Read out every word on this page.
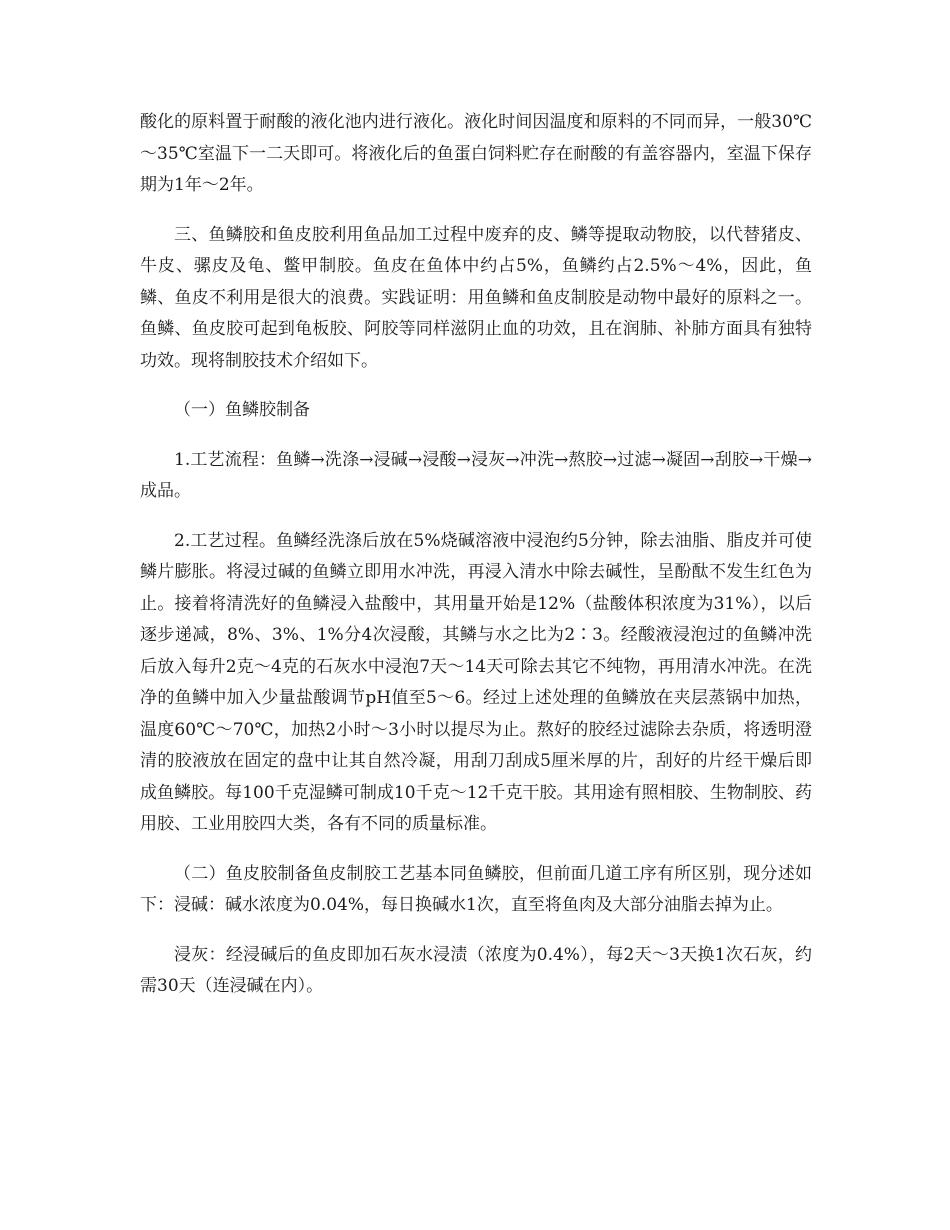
酸化的原料置于耐酸的液化池内进行液化。液化时间因温度和原料的不同而异，一般30℃～35℃室温下一二天即可。将液化后的鱼蛋白饲料贮存在耐酸的有盖容器内，室温下保存期为1年～2年。

三、鱼鳞胶和鱼皮胶利用鱼品加工过程中废弃的皮、鳞等提取动物胶，以代替猪皮、牛皮、骡皮及龟、鳖甲制胶。鱼皮在鱼体中约占5%，鱼鳞约占2.5%～4%，因此，鱼鳞、鱼皮不利用是很大的浪费。实践证明：用鱼鳞和鱼皮制胶是动物中最好的原料之一。鱼鳞、鱼皮胶可起到龟板胶、阿胶等同样滋阴止血的功效，且在润肺、补肺方面具有独特功效。现将制胶技术介绍如下。

（一）鱼鳞胶制备

1.工艺流程：鱼鳞→洗涤→浸碱→浸酸→浸灰→冲洗→熬胶→过滤→凝固→刮胶→干燥→成品。

2.工艺过程。鱼鳞经洗涤后放在5%烧碱溶液中浸泡约5分钟，除去油脂、脂皮并可使鳞片膨胀。将浸过碱的鱼鳞立即用水冲洗，再浸入清水中除去碱性，呈酚酞不发生红色为止。接着将清洗好的鱼鳞浸入盐酸中，其用量开始是12%（盐酸体积浓度为31%），以后逐步递减，8%、3%、1%分4次浸酸，其鳞与水之比为2∶3。经酸液浸泡过的鱼鳞冲洗后放入每升2克～4克的石灰水中浸泡7天～14天可除去其它不纯物，再用清水冲洗。在洗净的鱼鳞中加入少量盐酸调节pH值至5～6。经过上述处理的鱼鳞放在夹层蒸锅中加热，温度60℃～70℃，加热2小时～3小时以提尽为止。熬好的胶经过滤除去杂质，将透明澄清的胶液放在固定的盘中让其自然冷凝，用刮刀刮成5厘米厚的片，刮好的片经干燥后即成鱼鳞胶。每100千克湿鳞可制成10千克～12千克干胶。其用途有照相胶、生物制胶、药用胶、工业用胶四大类，各有不同的质量标准。

（二）鱼皮胶制备鱼皮制胶工艺基本同鱼鳞胶，但前面几道工序有所区别，现分述如下：浸碱：碱水浓度为0.04%，每日换碱水1次，直至将鱼肉及大部分油脂去掉为止。

浸灰：经浸碱后的鱼皮即加石灰水浸渍（浓度为0.4%），每2天～3天换1次石灰，约需30天（连浸碱在内）。
